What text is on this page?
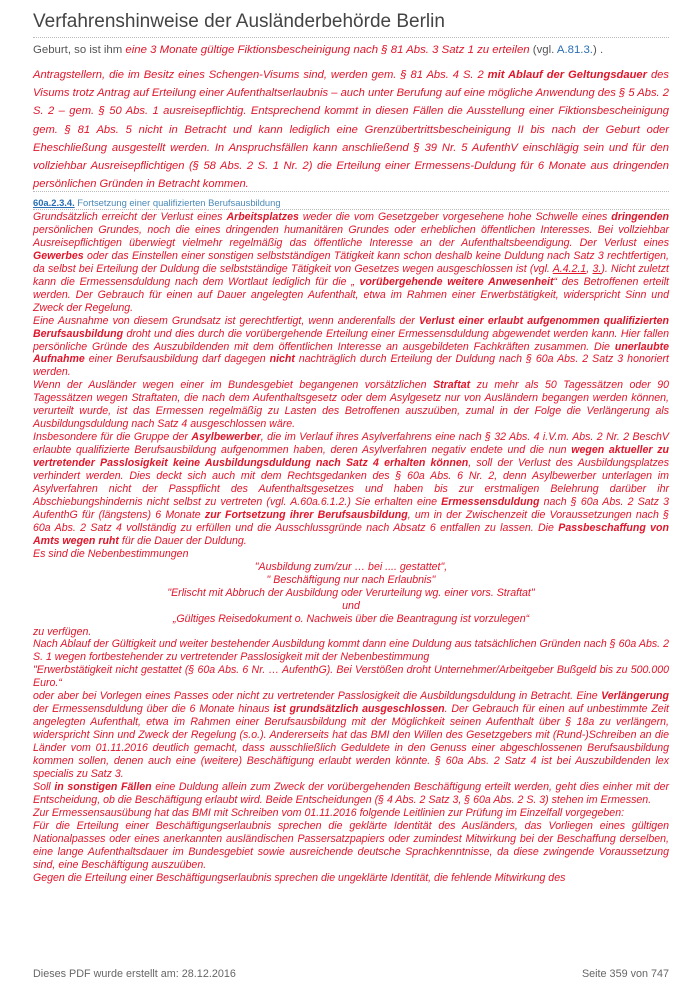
Verfahrenshinweise der Ausländerbehörde Berlin
Geburt, so ist ihm eine 3 Monate gültige Fiktionsbescheinigung nach § 81 Abs. 3 Satz 1 zu erteilen (vgl. A.81.3.) .
Antragstellern, die im Besitz eines Schengen-Visums sind, werden gem. § 81 Abs. 4 S. 2 mit Ablauf der Geltungsdauer des Visums trotz Antrag auf Erteilung einer Aufenthaltserlaubnis – auch unter Berufung auf eine mögliche Anwendung des § 5 Abs. 2 S. 2 – gem. § 50 Abs. 1 ausreisepflichtig. Entsprechend kommt in diesen Fällen die Ausstellung einer Fiktionsbescheinigung gem. § 81 Abs. 5 nicht in Betracht und kann lediglich eine Grenzübertrittsbescheinigung II bis nach der Geburt oder Eheschließung ausgestellt werden. In Anspruchsfällen kann anschließend § 39 Nr. 5 AufenthV einschlägig sein und für den vollziehbar Ausreisepflichtigen (§ 58 Abs. 2 S. 1 Nr. 2) die Erteilung einer Ermessens-Duldung für 6 Monate aus dringenden persönlichen Gründen in Betracht kommen.
60a.2.3.4. Fortsetzung einer qualifizierten Berufsausbildung

Grundsätzlich erreicht der Verlust eines Arbeitsplatzes weder die vom Gesetzgeber vorgesehene hohe Schwelle eines dringenden persönlichen Grundes, noch die eines dringenden humanitären Grundes oder erheblichen öffentlichen Interesses. Bei vollziehbar Ausreisepflichtigen überwiegt vielmehr regelmäßig das öffentliche Interesse an der Aufenthaltsbeendigung. Der Verlust eines Gewerbes oder das Einstellen einer sonstigen selbstständigen Tätigkeit kann schon deshalb keine Duldung nach Satz 3 rechtfertigen, da selbst bei Erteilung der Duldung die selbstständige Tätigkeit von Gesetzes wegen ausgeschlossen ist (vgl. A.4.2.1, 3.). Nicht zuletzt kann die Ermessensduldung nach dem Wortlaut lediglich für die „ vorübergehende weitere Anwesenheit“ des Betroffenen erteilt werden. Der Gebrauch für einen auf Dauer angelegten Aufenthalt, etwa im Rahmen einer Erwerbstätigkeit, widerspricht Sinn und Zweck der Regelung.

Eine Ausnahme von diesem Grundsatz ist gerechtfertigt, wenn anderenfalls der Verlust einer erlaubt aufgenommen qualifizierten Berufsausbildung droht und dies durch die vorübergehende Erteilung einer Ermessensduldung abgewendet werden kann. Hier fallen persönliche Gründe des Auszubildenden mit dem öffentlichen Interesse an ausgebildeten Fachkräften zusammen. Die unerlaubte Aufnahme einer Berufsausbildung darf dagegen nicht nachträglich durch Erteilung der Duldung nach § 60a Abs. 2 Satz 3 honoriert werden.

Wenn der Ausländer wegen einer im Bundesgebiet begangenen vorsätzlichen Straftat zu mehr als 50 Tagessätzen oder 90 Tagessätzen wegen Straftaten, die nach dem Aufenthaltsgesetz oder dem Asylgesetz nur von Ausländern begangen werden können, verurteilt wurde, ist das Ermessen regelmäßig zu Lasten des Betroffenen auszuüben, zumal in der Folge die Verlängerung als Ausbildungsduldung nach Satz 4 ausgeschlossen wäre.

Insbesondere für die Gruppe der Asylbewerber, die im Verlauf ihres Asylverfahrens eine nach § 32 Abs. 4 i.V.m. Abs. 2 Nr. 2 BeschV erlaubte qualifizierte Berufsausbildung aufgenommen haben, deren Asylverfahren negativ endete und die nun wegen aktueller zu vertretender Passlosigkeit keine Ausbildungsduldung nach Satz 4 erhalten können, soll der Verlust des Ausbildungsplatzes verhindert werden. Dies deckt sich auch mit dem Rechtsgedanken des § 60a Abs. 6 Nr. 2, denn Asylbewerber unterlagen im Asylverfahren nicht der Passpflicht des Aufenthaltsgesetzes und haben bis zur erstmaligen Belehrung darüber ihr Abschiebungshindernis nicht selbst zu vertreten (vgl. A.60a.6.1.2.) Sie erhalten eine Ermessensduldung nach § 60a Abs. 2 Satz 3 AufenthG für (längstens) 6 Monate zur Fortsetzung ihrer Berufsausbildung, um in der Zwischenzeit die Voraussetzungen nach § 60a Abs. 2 Satz 4 vollständig zu erfüllen und die Ausschlussgründe nach Absatz 6 entfallen zu lassen. Die Passbeschaffung von Amts wegen ruht für die Dauer der Duldung.

Es sind die Nebenbestimmungen

"Ausbildung zum/zur … bei .... gestattet",

" Beschäftigung nur nach Erlaubnis"

"Erlischt mit Abbruch der Ausbildung oder Verurteilung wg. einer vors. Straftat"

und

„Gültiges Reisedokument o. Nachweis über die Beantragung ist vorzulegen“

zu verfügen.

Nach Ablauf der Gültigkeit und weiter bestehender Ausbildung kommt dann eine Duldung aus tatsächlichen Gründen nach § 60a Abs. 2 S. 1 wegen fortbestehender zu vertretender Passlosigkeit mit der Nebenbestimmung

"Erwerbstätigkeit nicht gestattet (§ 60a Abs. 6 Nr. … AufenthG). Bei Verstößen droht Unternehmer/Arbeitgeber Bußgeld bis zu 500.000 Euro.“

oder aber bei Vorlegen eines Passes oder nicht zu vertretender Passlosigkeit die Ausbildungsduldung in Betracht. Eine Verlängerung der Ermessensduldung über die 6 Monate hinaus ist grundsätzlich ausgeschlossen. Der Gebrauch für einen auf unbestimmte Zeit angelegten Aufenthalt, etwa im Rahmen einer Berufsausbildung mit der Möglichkeit seinen Aufenthalt über § 18a zu verlängern, widerspricht Sinn und Zweck der Regelung (s.o.). Andererseits hat das BMI den Willen des Gesetzgebers mit (Rund-)Schreiben an die Länder vom 01.11.2016 deutlich gemacht, dass ausschließlich Geduldete in den Genuss einer abgeschlossenen Berufsausbildung kommen sollen, denen auch eine (weitere) Beschäftigung erlaubt werden könnte. § 60a Abs. 2 Satz 4 ist bei Auszubildenden lex specialis zu Satz 3.

Soll in sonstigen Fällen eine Duldung allein zum Zweck der vorübergehenden Beschäftigung erteilt werden, geht dies einher mit der Entscheidung, ob die Beschäftigung erlaubt wird. Beide Entscheidungen (§ 4 Abs. 2 Satz 3, § 60a Abs. 2 S. 3) stehen im Ermessen.

Zur Ermessensausübung hat das BMI mit Schreiben vom 01.11.2016 folgende Leitlinien zur Prüfung im Einzelfall vorgegeben:

Für die Erteilung einer Beschäftigungserlaubnis sprechen die geklärte Identität des Ausländers, das Vorliegen eines gültigen Nationalpasses oder eines anerkannten ausländischen Passersatzpapiers oder zumindest Mitwirkung bei der Beschaffung derselben, eine lange Aufenthaltsdauer im Bundesgebiet sowie ausreichende deutsche Sprachkenntnisse, da diese zwingende Voraussetzung sind, eine Beschäftigung auszuüben.

Gegen die Erteilung einer Beschäftigungserlaubnis sprechen die ungeklärte Identität, die fehlende Mitwirkung des

Dieses PDF wurde erstellt am: 28.12.2016	Seite 359 von 747
